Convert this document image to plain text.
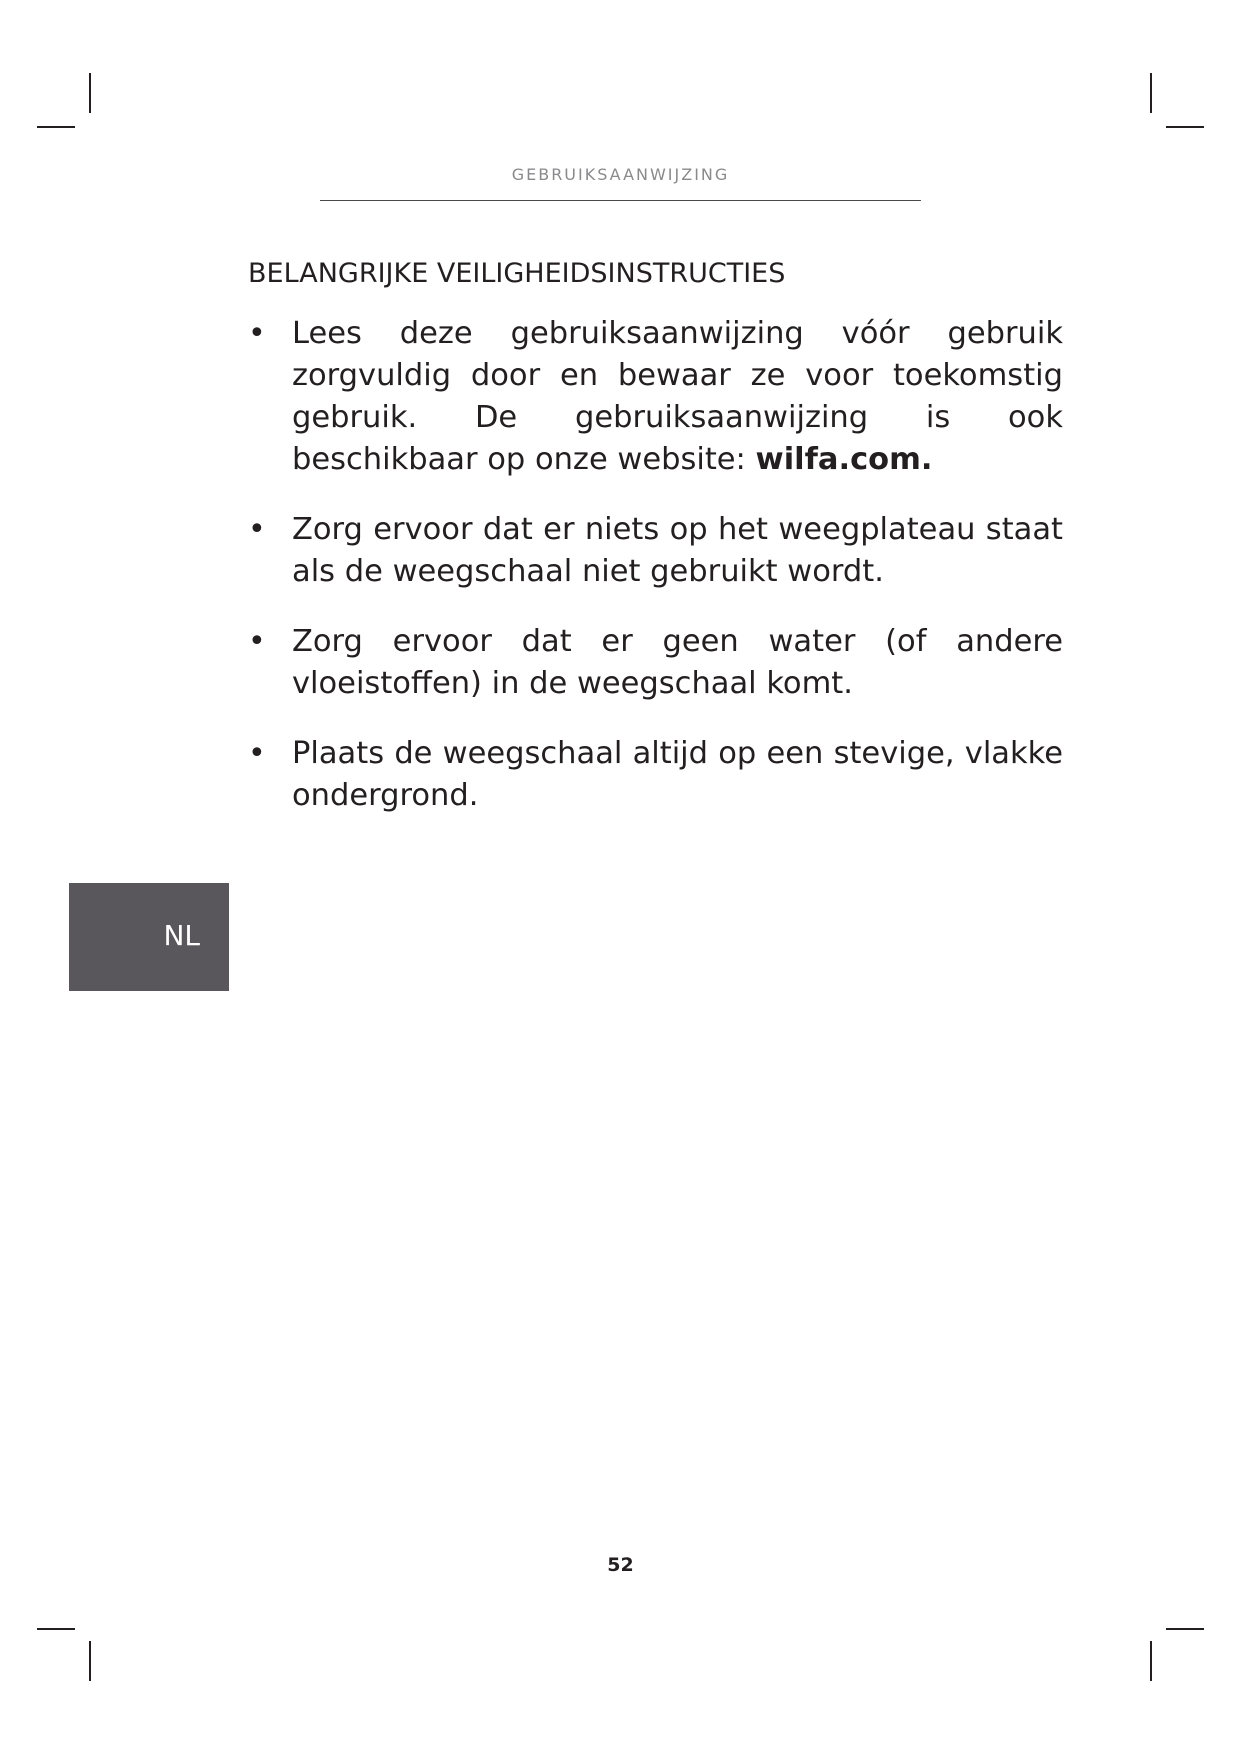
GEBRUIKSAANWIJZING
BELANGRIJKE VEILIGHEIDSINSTRUCTIES
• Lees deze gebruiksaanwijzing vóór gebruik zorgvuldig door en bewaar ze voor toekomstig gebruik. De gebruiksaanwijzing is ook beschikbaar op onze website: wilfa.com.
• Zorg ervoor dat er niets op het weegplateau staat als de weegschaal niet gebruikt wordt.
• Zorg ervoor dat er geen water (of andere vloeistoffen) in de weegschaal komt.
• Plaats de weegschaal altijd op een stevige, vlakke ondergrond.
NL
52
